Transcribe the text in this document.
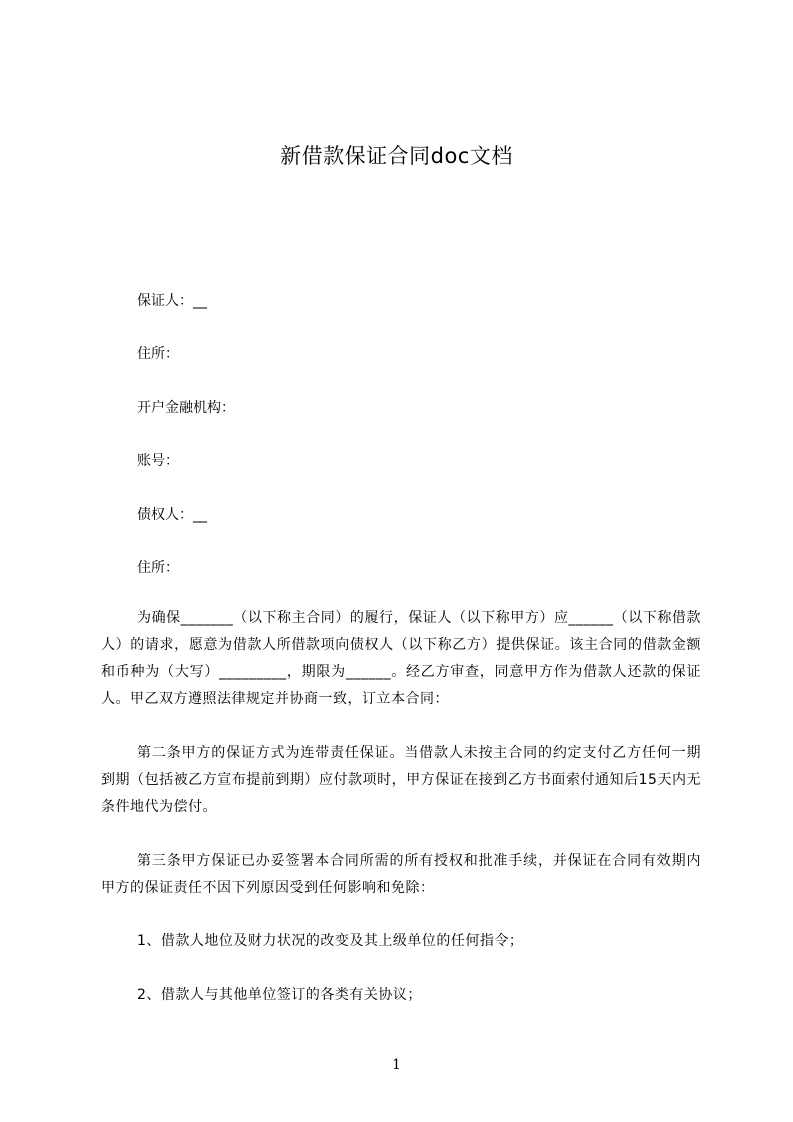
新借款保证合同doc文档
保证人：__
住所：
开户金融机构：
账号：
债权人：__
住所：
为确保_______（以下称主合同）的履行，保证人（以下称甲方）应______（以下称借款人）的请求，愿意为借款人所借款项向债权人（以下称乙方）提供保证。该主合同的借款金额和币种为（大写）_________，期限为______。经乙方审查，同意甲方作为借款人还款的保证人。甲乙双方遵照法律规定并协商一致，订立本合同：
第二条甲方的保证方式为连带责任保证。当借款人未按主合同的约定支付乙方任何一期到期（包括被乙方宣布提前到期）应付款项时，甲方保证在接到乙方书面索付通知后15天内无条件地代为偿付。
第三条甲方保证已办妥签署本合同所需的所有授权和批准手续，并保证在合同有效期内甲方的保证责任不因下列原因受到任何影响和免除：
1、借款人地位及财力状况的改变及其上级单位的任何指令；
2、借款人与其他单位签订的各类有关协议；
1
